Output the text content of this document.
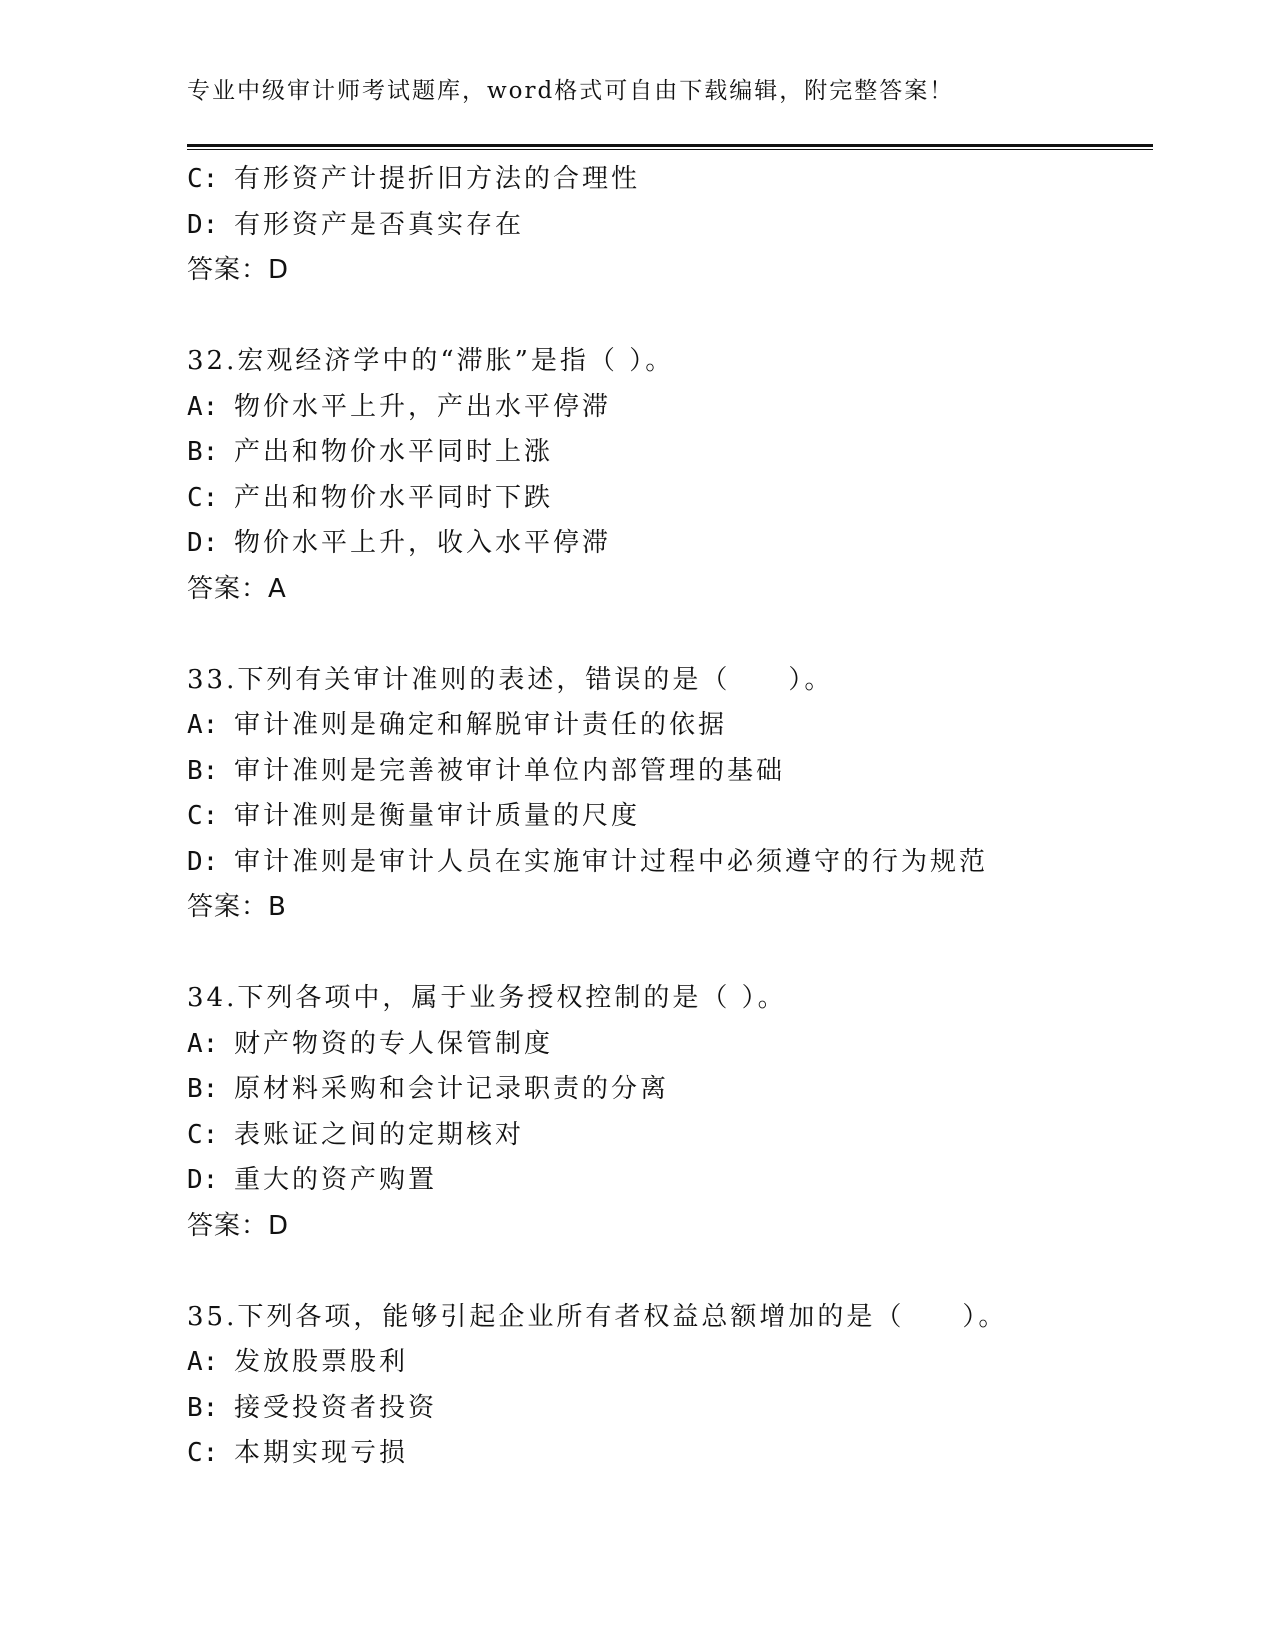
专业中级审计师考试题库，word格式可自由下载编辑，附完整答案！
C: 有形资产计提折旧方法的合理性
D: 有形资产是否真实存在
答案：D
32.宏观经济学中的“滞胀”是指（ ）。
A: 物价水平上升，产出水平停滞
B: 产出和物价水平同时上涨
C: 产出和物价水平同时下跌
D: 物价水平上升，收入水平停滞
答案：A
33.下列有关审计准则的表述，错误的是（　　）。
A: 审计准则是确定和解脱审计责任的依据
B: 审计准则是完善被审计单位内部管理的基础
C: 审计准则是衡量审计质量的尺度
D: 审计准则是审计人员在实施审计过程中必须遵守的行为规范
答案：B
34.下列各项中，属于业务授权控制的是（ ）。
A: 财产物资的专人保管制度
B: 原材料采购和会计记录职责的分离
C: 表账证之间的定期核对
D: 重大的资产购置
答案：D
35.下列各项，能够引起企业所有者权益总额增加的是（　　）。
A: 发放股票股利
B: 接受投资者投资
C: 本期实现亏损
